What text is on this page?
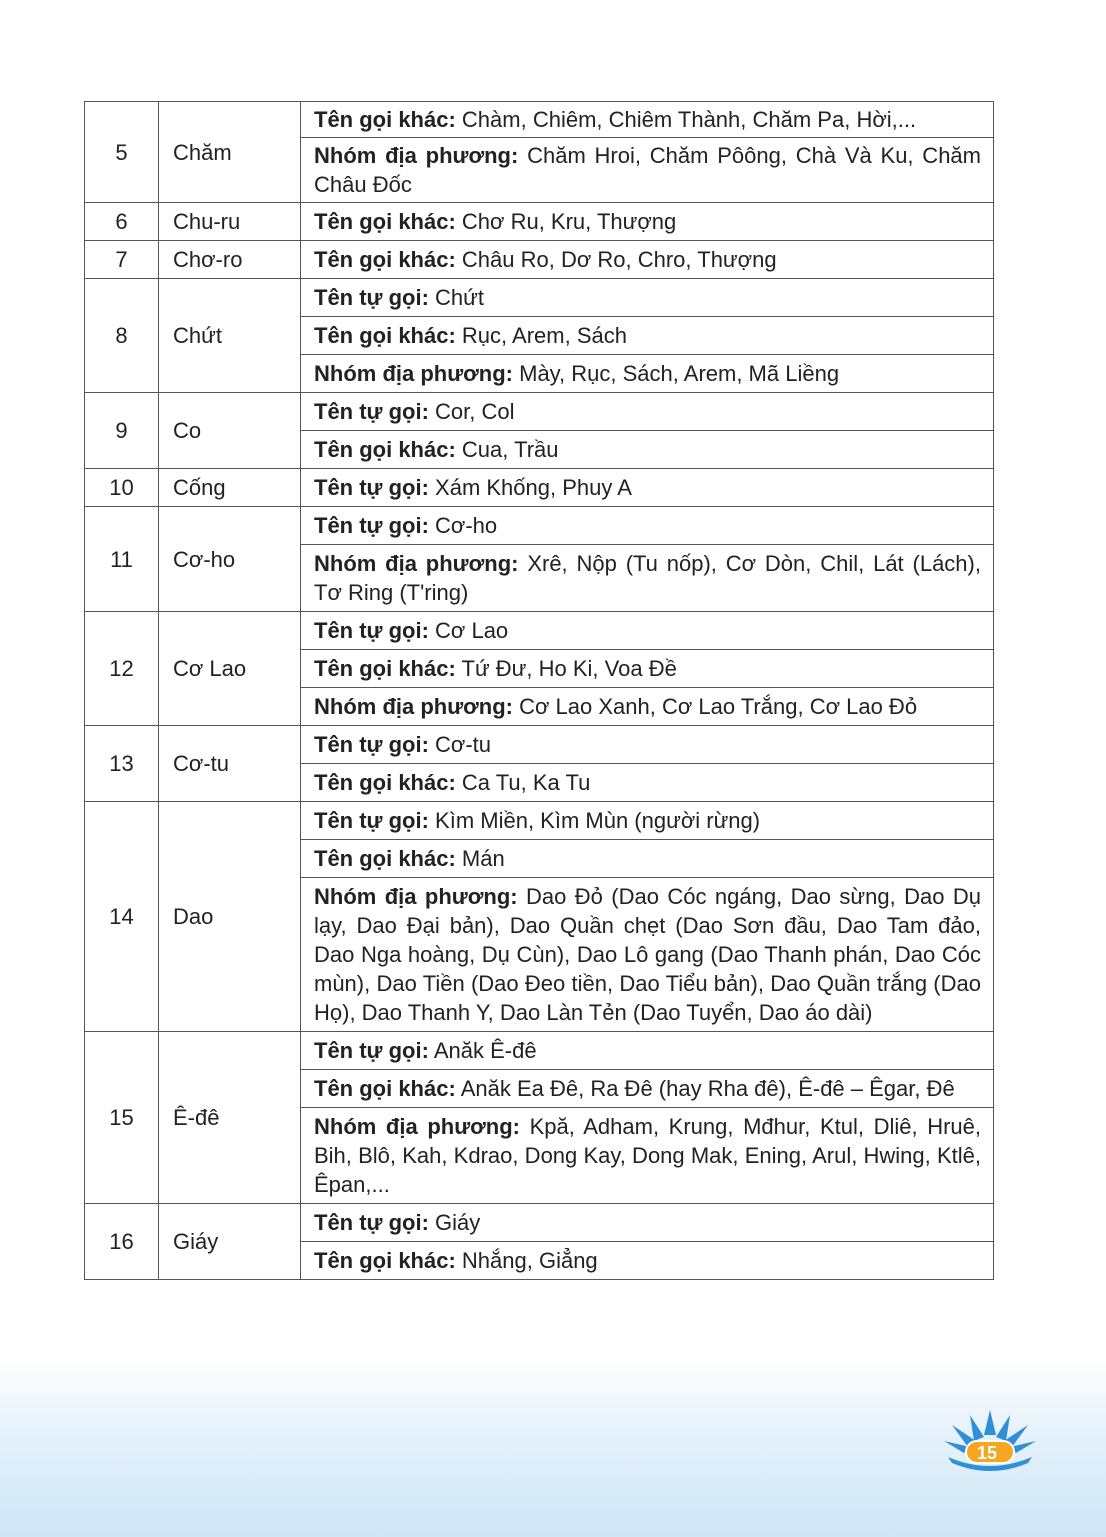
5	Chăm	Tên gọi khác: Chàm, Chiêm, Chiêm Thành, Chăm Pa, Hời,...
		Nhóm địa phương: Chăm Hroi, Chăm Pôông, Chà Và Ku, Chăm Châu Đốc
6	Chu-ru	Tên gọi khác: Chơ Ru, Kru, Thượng
7	Chơ-ro	Tên gọi khác: Châu Ro, Dơ Ro, Chro, Thượng
8	Chứt	Tên tự gọi: Chứt
		Tên gọi khác: Rục, Arem, Sách
		Nhóm địa phương: Mày, Rục, Sách, Arem, Mã Liềng
9	Co	Tên tự gọi: Cor, Col
		Tên gọi khác: Cua, Trầu
10	Cống	Tên tự gọi: Xám Khống, Phuy A
11	Cơ-ho	Tên tự gọi: Cơ-ho
		Nhóm địa phương: Xrê, Nộp (Tu nốp), Cơ Dòn, Chil, Lát (Lách), Tơ Ring (T'ring)
12	Cơ Lao	Tên tự gọi: Cơ Lao
		Tên gọi khác: Tứ Đư, Ho Ki, Voa Đề
		Nhóm địa phương: Cơ Lao Xanh, Cơ Lao Trắng, Cơ Lao Đỏ
13	Cơ-tu	Tên tự gọi: Cơ-tu
		Tên gọi khác: Ca Tu, Ka Tu
14	Dao	Tên tự gọi: Kìm Miền, Kìm Mùn (người rừng)
		Tên gọi khác: Mán
		Nhóm địa phương: Dao Đỏ (Dao Cóc ngáng, Dao sừng, Dao Dụ lạy, Dao Đại bản), Dao Quần chẹt (Dao Sơn đầu, Dao Tam đảo, Dao Nga hoàng, Dụ Cùn), Dao Lô gang (Dao Thanh phán, Dao Cóc mùn), Dao Tiền (Dao Đeo tiền, Dao Tiểu bản), Dao Quần trắng (Dao Họ), Dao Thanh Y, Dao Làn Tẻn (Dao Tuyển, Dao áo dài)
15	Ê-đê	Tên tự gọi: Anăk Ê-đê
		Tên gọi khác: Anăk Ea Đê, Ra Đê (hay Rha đê), Ê-đê – Êgar, Đê
		Nhóm địa phương: Kpă, Adham, Krung, Mđhur, Ktul, Dliê, Hruê, Bih, Blô, Kah, Kdrao, Dong Kay, Dong Mak, Ening, Arul, Hwing, Ktlê, Êpan,...
16	Giáy	Tên tự gọi: Giáy
		Tên gọi khác: Nhắng, Giẳng
15
